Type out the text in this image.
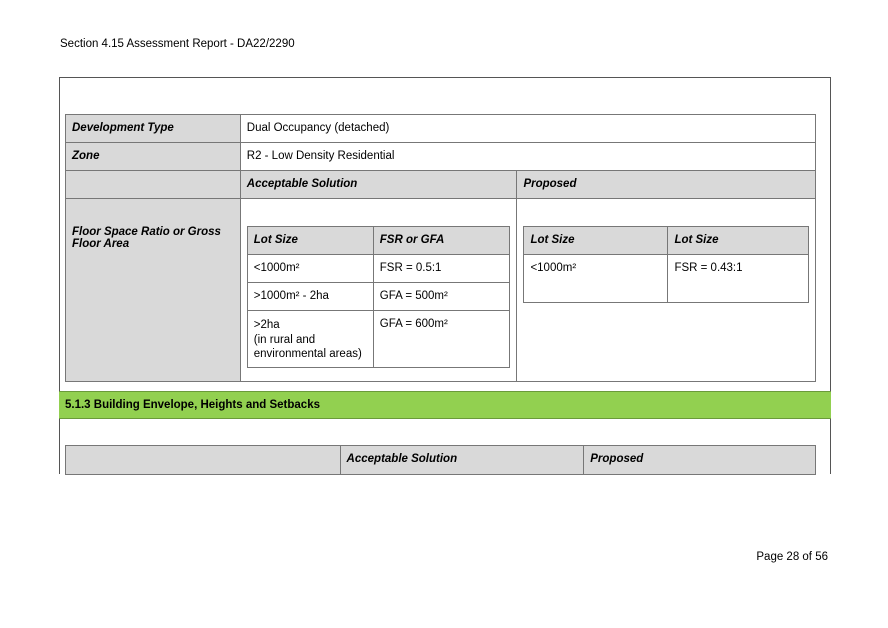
Section 4.15 Assessment Report - DA22/2290
Development Type	Dual Occupancy (detached)
Zone	R2 - Low Density Residential
	Acceptable Solution	Proposed
Floor Space Ratio or Gross Floor Area		Lot Size	FSR or GFA
<1000m²	FSR = 0.5:1
>1000m² - 2ha	GFA = 500m²
>2ha
(in rural and
environmental areas)	GFA = 600m²

Lot Size	Lot Size
<1000m²	FSR = 0.43:1
5.1.3 Building Envelope, Heights and Setbacks
	Acceptable Solution	Proposed
Page 28 of 56
